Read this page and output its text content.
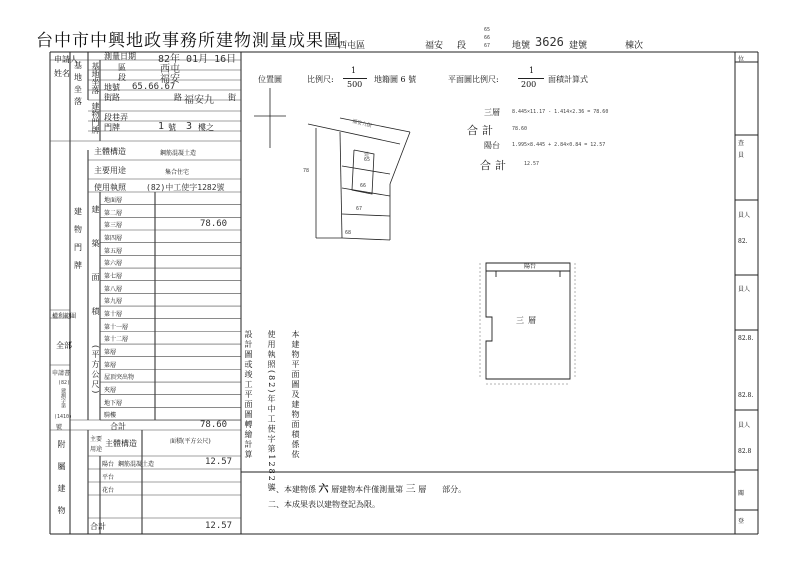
台中市中興地政事務所建物測量成果圖
西屯區	福安 段
65
66
67 地號 3626 建號	棟次
申請人
姓名
測量日期 82年 01月 16日
基地坐落 區	西屯
段	福安
地號 65.66.67
建物門牌
街路	路 福安九 街
段巷弄
門牌	1 號 3 樓之
主體構造	鋼筋混凝土造
主要用途	集合住宅
使用執照	(82)中工使字1282號
建築面積
(平方公尺)
地面層
第二層
第三層	78.60
第四層
第五層
第六層
第七層
第八層
第九層
第十層
第十一層
第十二層
第層
第層
屋頂突出物
夾層
地下層
騎樓
合計	78.60
附屬建物
主要
用途
主體構造	面積(平方公尺)
陽台 鋼筋混凝土造	12.57
平台
花台
合計	12.57
基
地
坐
落
建
物
門
牌
權利範圍
全部
申請書
(82)
建測字第
(1410)
號
位置圖	比例尺:
1
500
地籍圖 6 號
福安九街
65
66
67
68
78
建
平面圖比例尺:
1
200
面積計算式
三層 8.445×11.17 - 1.414×2.36 = 78.60
合計	78.60
陽台 1.995×8.445 + 2.84×0.84 = 12.57
合計	12.57
陽台
三層
本建物平面圖及建物面積係依
使用執照(82)年中工使字第1282號
設計圖或竣工平面圖轉繪計算
一、本建物係 六 層建物本件僅測量第 三 層　　部分。
二、本成果表以建物登記為限。
位
查
員
員人
82.
員人
82.8.
82.8.
員人
82.8
關
登
